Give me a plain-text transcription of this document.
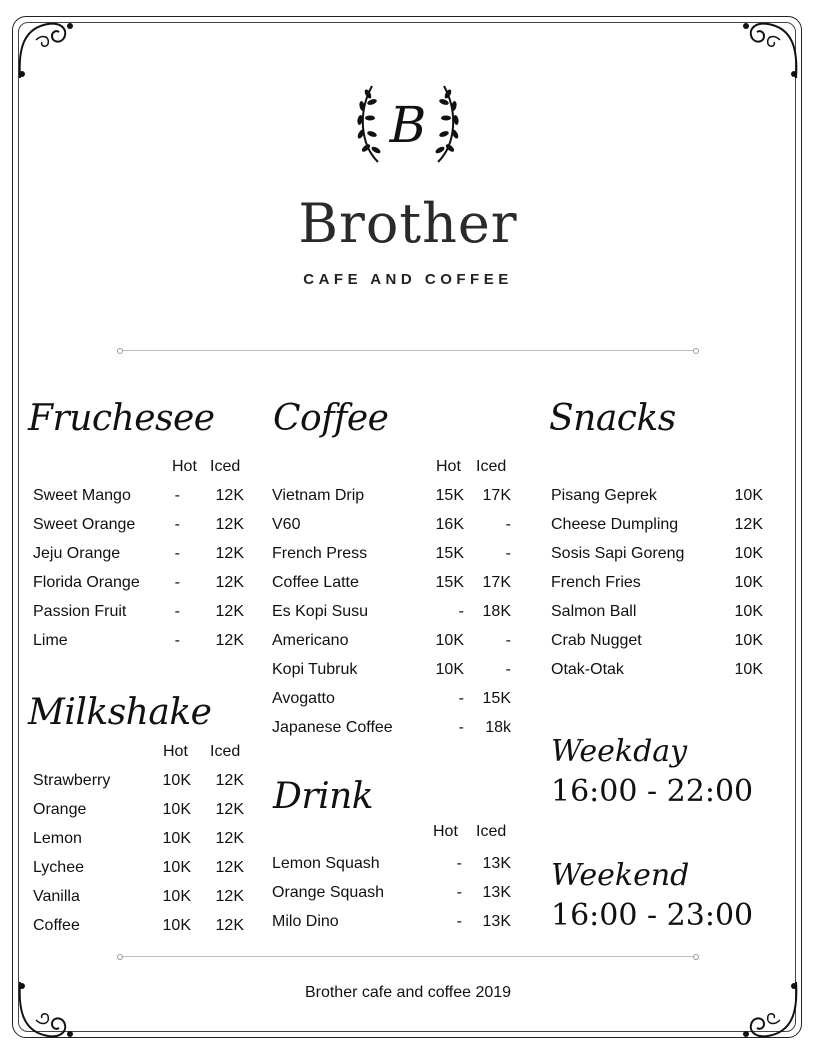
B
Brother
CAFE AND COFFEE
Fruchesee
Hot Iced
Sweet Mango	- 12K
Sweet Orange - 12K
Jeju Orange	- 12K
Florida Orange - 12K
Passion Fruit	- 12K
Lime	- 12K
Milkshake
Hot Iced
Strawberry	10K 12K
Orange	10K 12K
Lemon	10K 12K
Lychee	10K 12K
Vanilla	10K 12K
Coffee	10K 12K
Coffee
Hot Iced
Vietnam Drip	15K 17K
V60	16K	-
French Press	15K	-
Coffee Latte	15K 17K
Es Kopi Susu	- 18K
Americano	10K	-
Kopi Tubruk	10K	-
Avogatto	- 15K
Japanese Coffee	- 18k
Drink
Hot Iced
Lemon Squash	- 13K
Orange Squash	- 13K
Milo Dino	- 13K
Snacks
Pisang Geprek	10K
Cheese Dumpling	12K
Sosis Sapi Goreng	10K
French Fries	10K
Salmon Ball	10K
Crab Nugget	10K
Otak-Otak	10K
Weekday
16:00 - 22:00
Weekend
16:00 - 23:00
Brother cafe and coffee 2019
